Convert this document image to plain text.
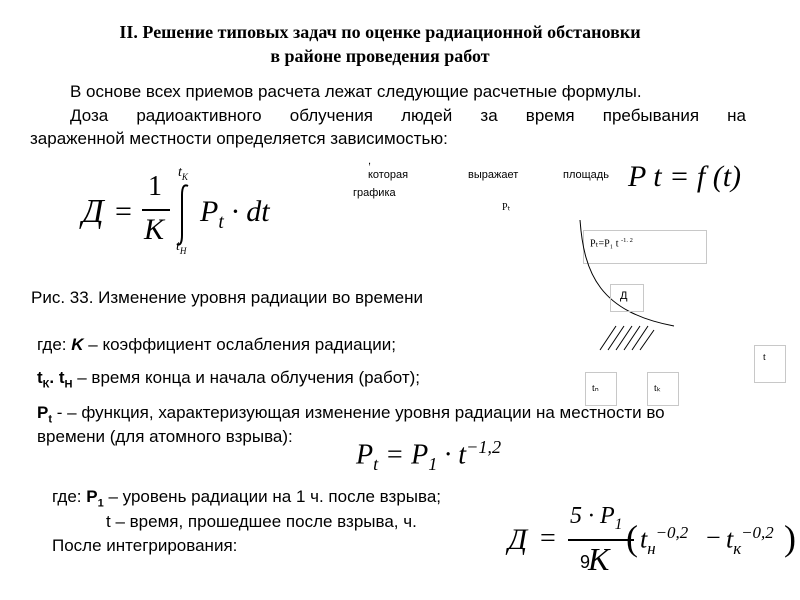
II. Решение типовых задач по оценке радиационной обстановки
в районе проведения работ
В основе всех приемов расчета лежат следующие расчетные формулы.
Доза радиоактивного облучения людей за время пребывания на
зараженной местности определяется зависимостью:
Д =
1
K
$t_К$
$t_Н$
$P_t$ · dt
,
которая	выражает	площадь
графика	P t = f (t)
Pₜ
Pₜ=P₁ t $^{-1. 2}$
Д
t
tₙ	tₖ
Рис. 33. Изменение уровня радиации во времени
где: K – коэффициент ослабления радиации;
$t_К$. $t_Н$ – время конца и начала облучения (работ);
$P_t$ - – функция, характеризующая изменение уровня радиации на местности во
времени (для атомного взрыва):
$P_t = P_1 \cdot t^{-1,2}$
где: $P_1$ – уровень радиации на 1 ч. после взрыва;
t – время, прошедшее после взрыва, ч.
После интегрирования:	Д =
$5 \cdot P_1$
K
( $t_н^{-0,2} - t_к^{-0,2}$ )
9
